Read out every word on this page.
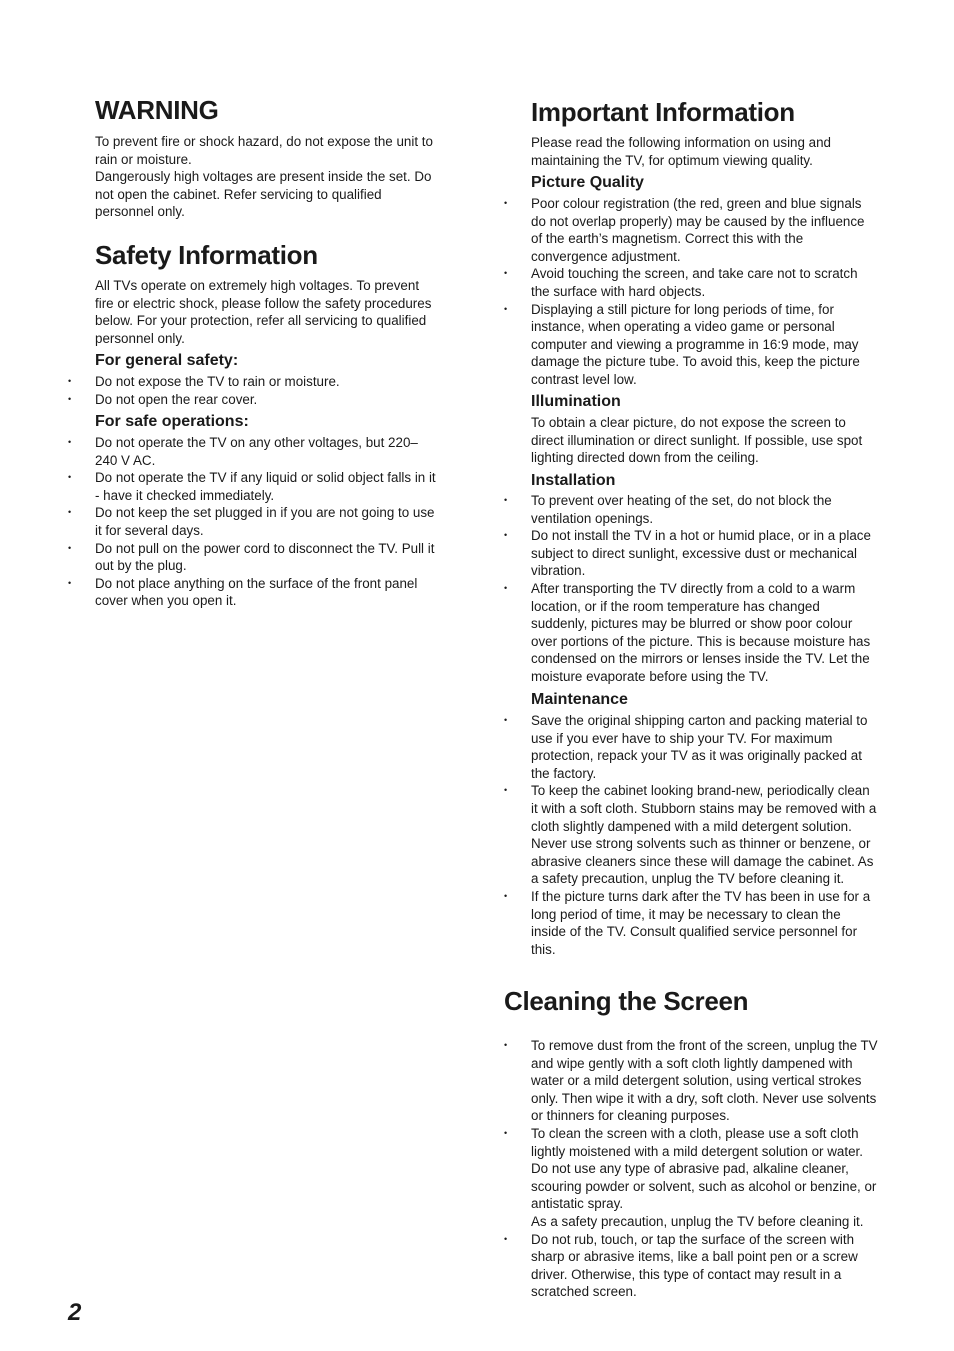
WARNING
To prevent fire or shock hazard, do not expose the unit to
rain or moisture.
Dangerously high voltages are present inside the set. Do
not open the cabinet. Refer servicing to qualified
personnel only.
Safety Information
All TVs operate on extremely high voltages. To prevent
fire or electric shock, please follow the safety procedures
below. For your protection, refer all servicing to qualified
personnel only.
For general safety:
• Do not expose the TV to rain or moisture.
• Do not open the rear cover.
For safe operations:
• Do not operate the TV on any other voltages, but 220–
240 V AC.
• Do not operate the TV if any liquid or solid object falls in it
- have it checked immediately.
• Do not keep the set plugged in if you are not going to use
it for several days.
• Do not pull on the power cord to disconnect the TV. Pull it
out by the plug.
• Do not place anything on the surface of the front panel
cover when you open it.
Important Information
Please read the following information on using and
maintaining the TV, for optimum viewing quality.
Picture Quality
• Poor colour registration (the red, green and blue signals
do not overlap properly) may be caused by the influence
of the earth’s magnetism. Correct this with the
convergence adjustment.
• Avoid touching the screen, and take care not to scratch
the surface with hard objects.
• Displaying a still picture for long periods of time, for
instance, when operating a video game or personal
computer and viewing a programme in 16:9 mode, may
damage the picture tube. To avoid this, keep the picture
contrast level low.
Illumination
To obtain a clear picture, do not expose the screen to
direct illumination or direct sunlight. If possible, use spot
lighting directed down from the ceiling.
Installation
• To prevent over heating of the set, do not block the
ventilation openings.
• Do not install the TV in a hot or humid place, or in a place
subject to direct sunlight, excessive dust or mechanical
vibration.
• After transporting the TV directly from a cold to a warm
location, or if the room temperature has changed
suddenly, pictures may be blurred or show poor colour
over portions of the picture. This is because moisture has
condensed on the mirrors or lenses inside the TV. Let the
moisture evaporate before using the TV.
Maintenance
• Save the original shipping carton and packing material to
use if you ever have to ship your TV. For maximum
protection, repack your TV as it was originally packed at
the factory.
• To keep the cabinet looking brand-new, periodically clean
it with a soft cloth. Stubborn stains may be removed with a
cloth slightly dampened with a mild detergent solution.
Never use strong solvents such as thinner or benzene, or
abrasive cleaners since these will damage the cabinet. As
a safety precaution, unplug the TV before cleaning it.
• If the picture turns dark after the TV has been in use for a
long period of time, it may be necessary to clean the
inside of the TV. Consult qualified service personnel for
this.
Cleaning the Screen
• To remove dust from the front of the screen, unplug the TV
and wipe gently with a soft cloth lightly dampened with
water or a mild detergent solution, using vertical strokes
only. Then wipe it with a dry, soft cloth. Never use solvents
or thinners for cleaning purposes.
• To clean the screen with a cloth, please use a soft cloth
lightly moistened with a mild detergent solution or water.
Do not use any type of abrasive pad, alkaline cleaner,
scouring powder or solvent, such as alcohol or benzine, or
antistatic spray.
As a safety precaution, unplug the TV before cleaning it.
• Do not rub, touch, or tap the surface of the screen with
sharp or abrasive items, like a ball point pen or a screw
driver. Otherwise, this type of contact may result in a
scratched screen.
2
